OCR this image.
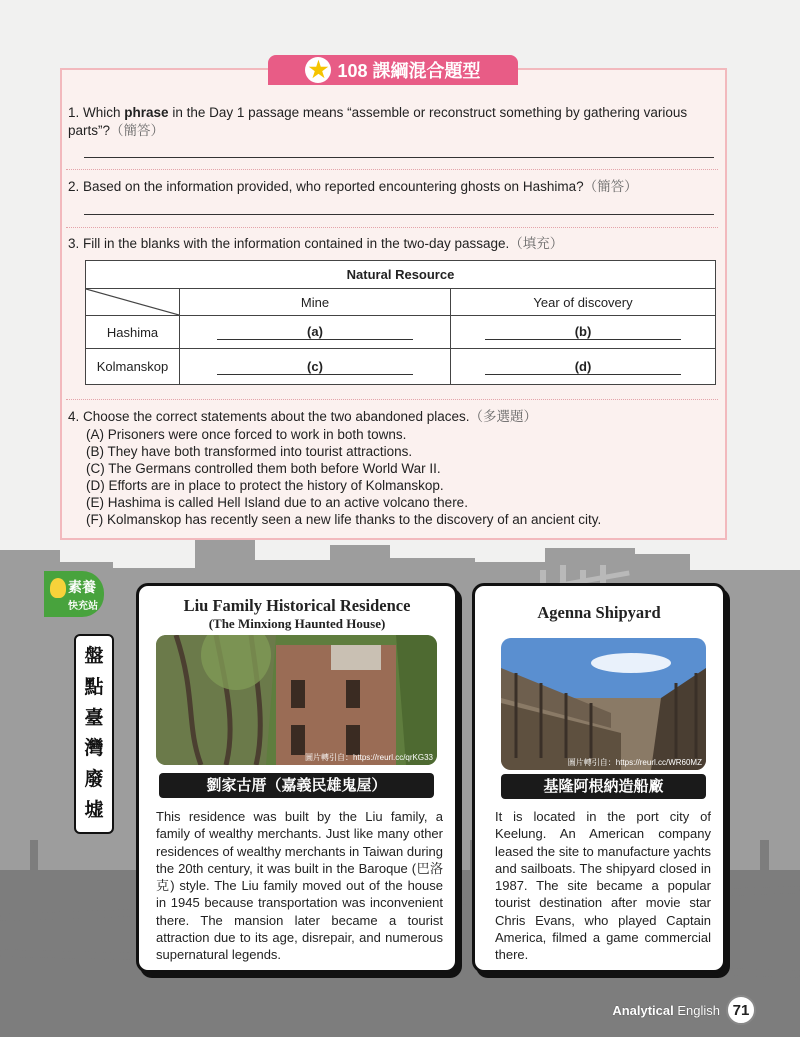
★ 108 課綱混合題型
1. Which phrase in the Day 1 passage means “assemble or reconstruct something by gathering various parts”?（簡答）
2. Based on the information provided, who reported encountering ghosts on Hashima?（簡答）
3. Fill in the blanks with the information contained in the two-day passage.（填充）
Natural Resource		

	Mine	Year of discovery
Hashima	(a)	(b)
Kolmanskop	(c)	(d)
4. Choose the correct statements about the two abandoned places.（多選題）
(A) Prisoners were once forced to work in both towns.
(B) They have both transformed into tourist attractions.
(C) The Germans controlled them both before World War II.
(D) Efforts are in place to protect the history of Kolmanskop.
(E) Hashima is called Hell Island due to an active volcano there.
(F) Kolmanskop has recently seen a new life thanks to the discovery of an ancient city.
素養
快充站
盤
點
臺
灣
廢
墟
Liu Family Historical Residence
(The Minxiong Haunted House)
圖片轉引自：https://reurl.cc/qrKG33
劉家古厝（嘉義民雄鬼屋）
This residence was built by the Liu family, a family of wealthy merchants. Just like many other residences of wealthy merchants in Taiwan during the 20th century, it was built in the Baroque (巴洛克) style. The Liu family moved out of the house in 1945 because transportation was inconvenient there. The mansion later became a tourist attraction due to its age, disrepair, and numerous supernatural legends.
Agenna Shipyard
圖片轉引自：https://reurl.cc/WR60MZ
基隆阿根納造船廠
It is located in the port city of Keelung. An American company leased the site to manufacture yachts and sailboats. The shipyard closed in 1987. The site became a popular tourist destination after movie star Chris Evans, who played Captain America, filmed a game commercial there.
Analytical English 71
